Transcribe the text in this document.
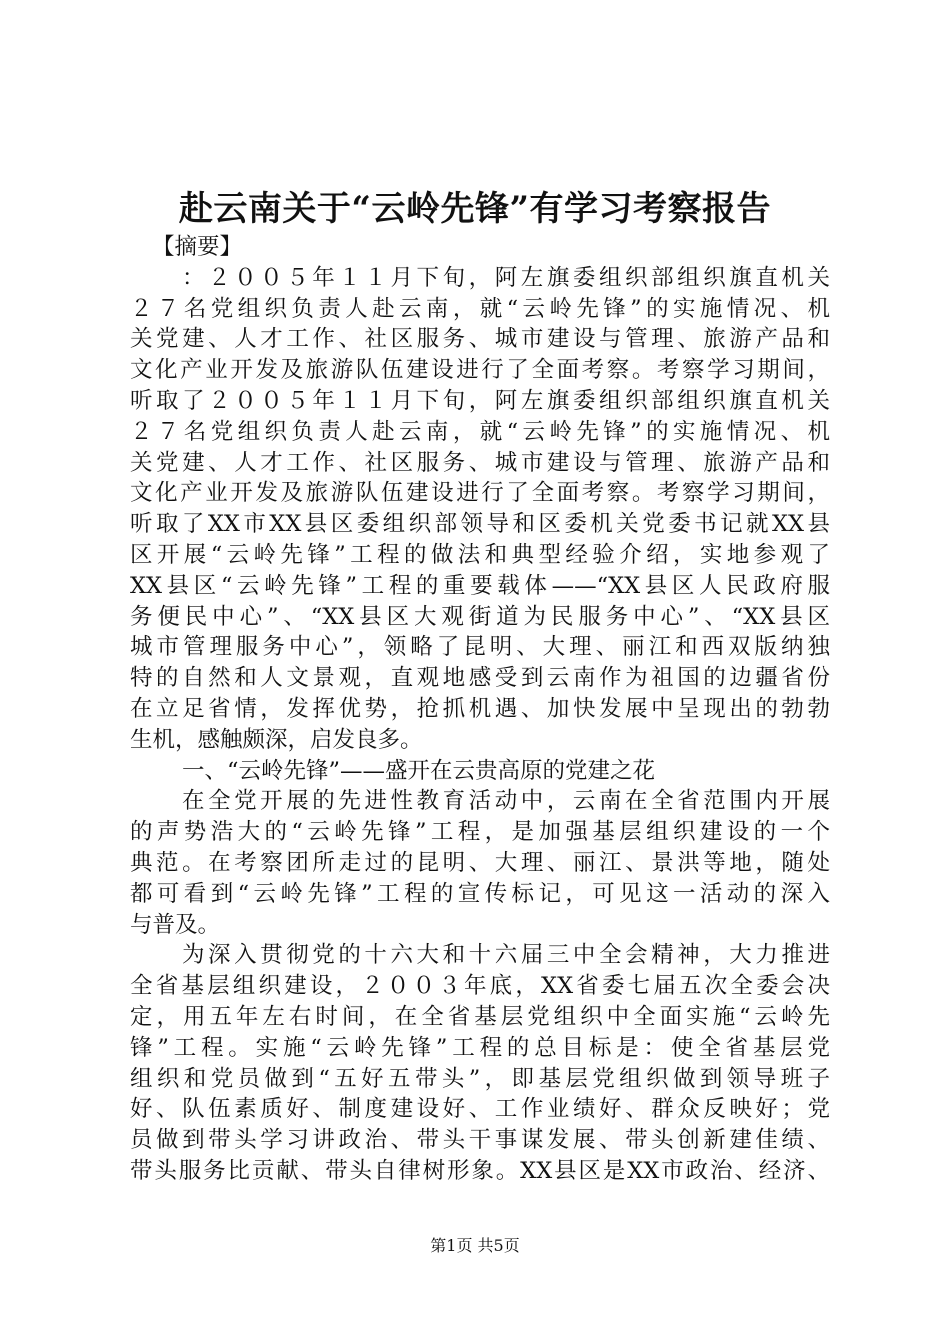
赴云南关于“云岭先锋”有学习考察报告
【摘要】
：２００５年１１月下旬，阿左旗委组织部组织旗直机关
２７名党组织负责人赴云南，就“云岭先锋”的实施情况、机
关党建、人才工作、社区服务、城市建设与管理、旅游产品和
文化产业开发及旅游队伍建设进行了全面考察。考察学习期间，
听取了２００５年１１月下旬，阿左旗委组织部组织旗直机关
２７名党组织负责人赴云南，就“云岭先锋”的实施情况、机
关党建、人才工作、社区服务、城市建设与管理、旅游产品和
文化产业开发及旅游队伍建设进行了全面考察。考察学习期间，
听取了XX市XX县区委组织部领导和区委机关党委书记就XX县
区开展“云岭先锋”工程的做法和典型经验介绍，实地参观了
XX县区“云岭先锋”工程的重要载体——“XX县区人民政府服
务便民中心”、“XX县区大观街道为民服务中心”、“XX县区
城市管理服务中心”，领略了昆明、大理、丽江和西双版纳独
特的自然和人文景观，直观地感受到云南作为祖国的边疆省份
在立足省情，发挥优势，抢抓机遇、加快发展中呈现出的勃勃
生机，感触颇深，启发良多。
一、“云岭先锋”——盛开在云贵高原的党建之花
在全党开展的先进性教育活动中，云南在全省范围内开展
的声势浩大的“云岭先锋”工程，是加强基层组织建设的一个
典范。在考察团所走过的昆明、大理、丽江、景洪等地，随处
都可看到“云岭先锋”工程的宣传标记，可见这一活动的深入
与普及。
为深入贯彻党的十六大和十六届三中全会精神，大力推进
全省基层组织建设，２００３年底，XX省委七届五次全委会决
定，用五年左右时间，在全省基层党组织中全面实施“云岭先
锋”工程。实施“云岭先锋”工程的总目标是：使全省基层党
组织和党员做到“五好五带头”，即基层党组织做到领导班子
好、队伍素质好、制度建设好、工作业绩好、群众反映好；党
员做到带头学习讲政治、带头干事谋发展、带头创新建佳绩、
带头服务比贡献、带头自律树形象。XX县区是XX市政治、经济、
第1页 共5页
